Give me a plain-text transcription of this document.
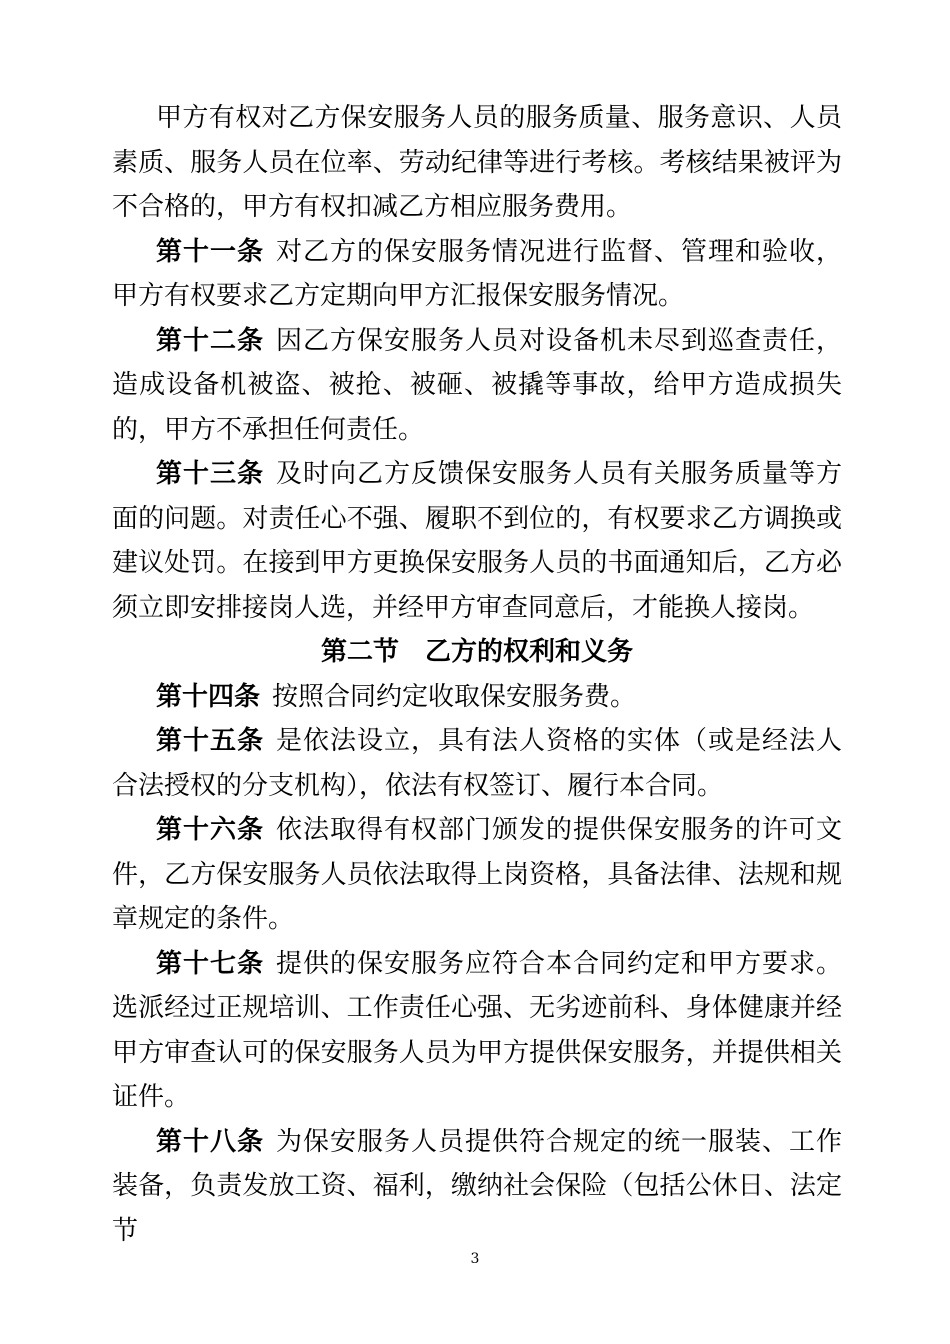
甲方有权对乙方保安服务人员的服务质量、服务意识、人员素质、服务人员在位率、劳动纪律等进行考核。考核结果被评为不合格的，甲方有权扣减乙方相应服务费用。

第十一条 对乙方的保安服务情况进行监督、管理和验收，甲方有权要求乙方定期向甲方汇报保安服务情况。

第十二条 因乙方保安服务人员对设备机未尽到巡查责任，造成设备机被盗、被抢、被砸、被撬等事故，给甲方造成损失的，甲方不承担任何责任。

第十三条 及时向乙方反馈保安服务人员有关服务质量等方面的问题。对责任心不强、履职不到位的，有权要求乙方调换或建议处罚。在接到甲方更换保安服务人员的书面通知后，乙方必须立即安排接岗人选，并经甲方审查同意后，才能换人接岗。

第二节　乙方的权利和义务

第十四条 按照合同约定收取保安服务费。

第十五条 是依法设立，具有法人资格的实体（或是经法人合法授权的分支机构），依法有权签订、履行本合同。

第十六条 依法取得有权部门颁发的提供保安服务的许可文件，乙方保安服务人员依法取得上岗资格，具备法律、法规和规章规定的条件。

第十七条 提供的保安服务应符合本合同约定和甲方要求。选派经过正规培训、工作责任心强、无劣迹前科、身体健康并经甲方审查认可的保安服务人员为甲方提供保安服务，并提供相关证件。

第十八条 为保安服务人员提供符合规定的统一服装、工作装备，负责发放工资、福利，缴纳社会保险（包括公休日、法定节

3
